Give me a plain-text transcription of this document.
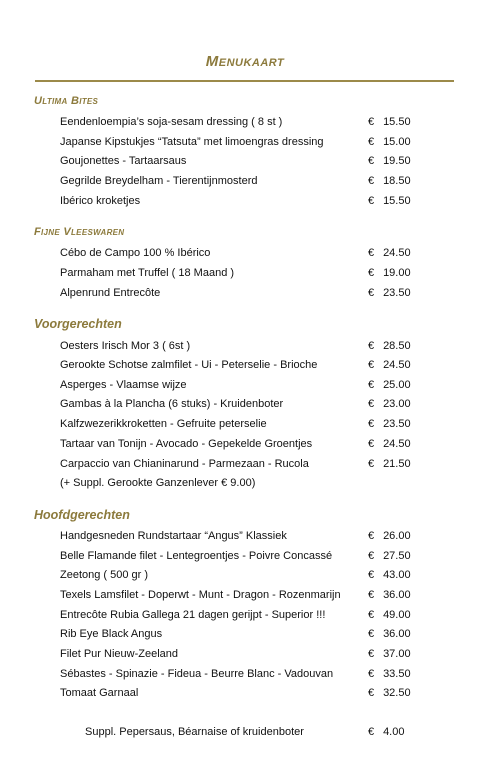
Menukaart
Ultima Bites
Eendenloempia’s soja-sesam dressing ( 8 st )	€ 15.50
Japanse Kipstukjes “Tatsuta” met limoengras dressing	€ 15.00
Goujonettes - Tartaarsaus	€ 19.50
Gegrilde Breydelham - Tierentijnmosterd	€ 18.50
Ibérico kroketjes	€ 15.50
Fijne Vleeswaren
Cébo de Campo 100 % Ibérico	€ 24.50
Parmaham met Truffel ( 18 Maand )	€ 19.00
Alpenrund Entrecôte	€ 23.50
Voorgerechten
Oesters Irisch Mor 3 ( 6st )	€ 28.50
Gerookte Schotse zalmfilet - Ui - Peterselie - Brioche	€ 24.50
Asperges - Vlaamse wijze	€ 25.00
Gambas à la Plancha (6 stuks) - Kruidenboter	€ 23.00
Kalfzwezerikkroketten - Gefruite peterselie	€ 23.50
Tartaar van Tonijn - Avocado - Gepekelde Groentjes	€ 24.50
Carpaccio van Chianinarund - Parmezaan - Rucola	€ 21.50
(+ Suppl. Gerookte Ganzenlever € 9.00)
Hoofdgerechten
Handgesneden Rundstartaar “Angus” Klassiek	€ 26.00
Belle Flamande filet - Lentegroentjes - Poivre Concassé	€ 27.50
Zeetong ( 500 gr )	€ 43.00
Texels Lamsfilet - Doperwt - Munt - Dragon - Rozenmarijn € 36.00
Entrecôte Rubia Gallega 21 dagen gerijpt - Superior !!!	€ 49.00
Rib Eye Black Angus	€ 36.00
Filet Pur Nieuw-Zeeland	€ 37.00
Sébastes - Spinazie - Fideua - Beurre Blanc - Vadouvan	€ 33.50
Tomaat Garnaal	€ 32.50
Suppl. Pepersaus, Béarnaise of kruidenboter	€ 4.00
